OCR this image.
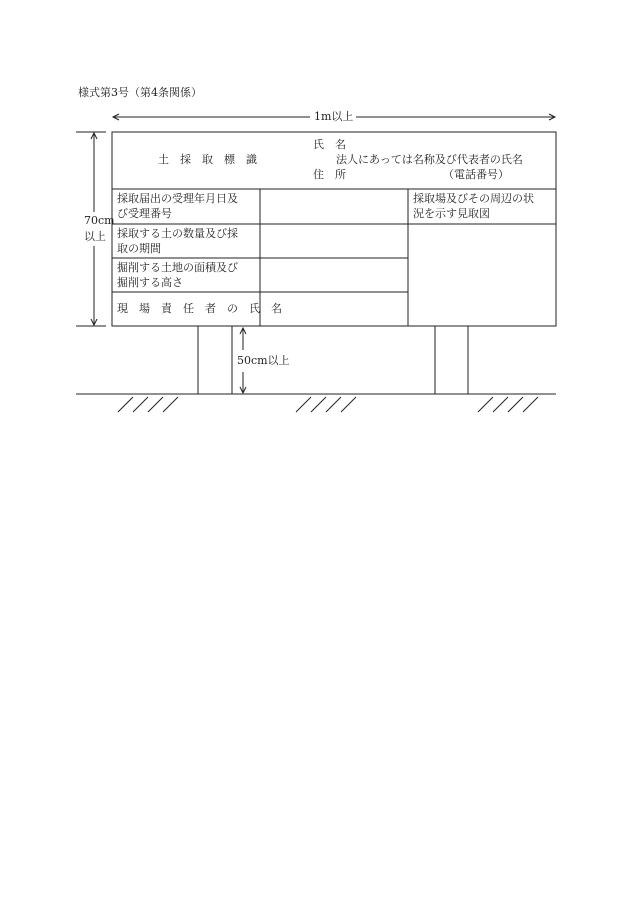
様式第3号（第4条関係）
1m以上
70cm
以上
50cm以上
土　採　取　標　識
氏　名
法人にあっては名称及び代表者の氏名
住　所	（電話番号）
採取届出の受理年月日及
び受理番号
採取する土の数量及び採
取の期間
掘削する土地の面積及び
掘削する高さ
現　場　責　任　者　の　氏　名
採取場及びその周辺の状
況を示す見取図
